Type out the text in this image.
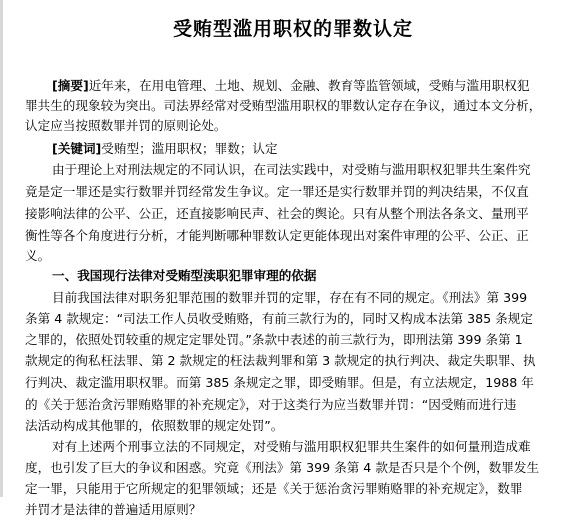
受贿型滥用职权的罪数认定
[摘要]近年来，在用电管理、土地、规划、金融、教育等监管领域，受贿与滥用职权犯
罪共生的现象较为突出。司法界经常对受贿型滥用职权的罪数认定存在争议，通过本文分析，
认定应当按照数罪并罚的原则论处。
[关键词]受贿型；滥用职权；罪数；认定
由于理论上对刑法规定的不同认识，在司法实践中，对受贿与滥用职权犯罪共生案件究
竟是定一罪还是实行数罪并罚经常发生争议。定一罪还是实行数罪并罚的判决结果，不仅直
接影响法律的公平、公正，还直接影响民声、社会的舆论。只有从整个刑法各条文、量刑平
衡性等各个角度进行分析，才能判断哪种罪数认定更能体现出对案件审理的公平、公正、正
义。
一、我国现行法律对受贿型渎职犯罪审理的依据
目前我国法律对职务犯罪范围的数罪并罚的定罪，存在有不同的规定。《刑法》第 399
条第 4 款规定：“司法工作人员收受贿赂，有前三款行为的，同时又构成本法第 385 条规定
之罪的，依照处罚较重的规定定罪处罚。”条款中表述的前三款行为，即刑法第 399 条第 1
款规定的徇私枉法罪、第 2 款规定的枉法裁判罪和第 3 款规定的执行判决、裁定失职罪、执
行判决、裁定滥用职权罪。而第 385 条规定之罪，即受贿罪。但是，有立法规定，1988 年
的《关于惩治贪污罪贿赂罪的补充规定》，对于这类行为应当数罪并罚：“因受贿而进行违
法活动构成其他罪的，依照数罪的规定处罚”。
对有上述两个刑事立法的不同规定，对受贿与滥用职权犯罪共生案件的如何量刑造成难
度，也引发了巨大的争议和困惑。究竟《刑法》第 399 条第 4 款是否只是个个例，数罪发生
定一罪，只能用于它所规定的犯罪领域；还是《关于惩治贪污罪贿赂罪的补充规定》，数罪
并罚才是法律的普遍适用原则？
